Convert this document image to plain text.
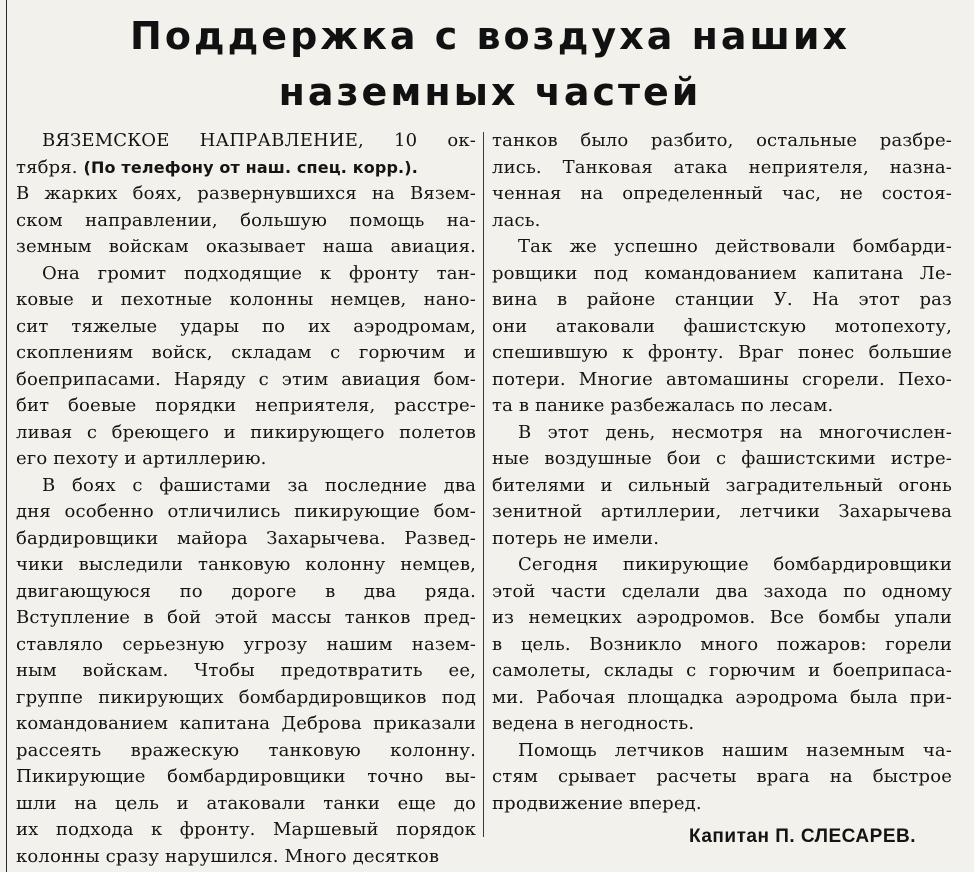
Поддержка с воздуха наших
наземных частей
ВЯЗЕМСКОЕ НАПРАВЛЕНИЕ, 10 ок-
тября. (По телефону от наш. спец. корр.).
В жарких боях, развернувшихся на Вязем-
ском направлении, большую помощь на-
земным войскам оказывает наша авиация.
Она громит подходящие к фронту тан-
ковые и пехотные колонны немцев, нано-
сит тяжелые удары по их аэродромам,
скоплениям войск, складам с горючим и
боеприпасами. Наряду с этим авиация бом-
бит боевые порядки неприятеля, расстре-
ливая с бреющего и пикирующего полетов
его пехоту и артиллерию.
В боях с фашистами за последние два
дня особенно отличились пикирующие бом-
бардировщики майора Захарычева. Развед-
чики выследили танковую колонну немцев,
двигающуюся по дороге в два ряда.
Вступление в бой этой массы танков пред-
ставляло серьезную угрозу нашим назем-
ным войскам. Чтобы предотвратить ее,
группе пикирующих бомбардировщиков под
командованием капитана Деброва приказали
рассеять вражескую танковую колонну.
Пикирующие бомбардировщики точно вы-
шли на цель и атаковали танки еще до
их подхода к фронту. Маршевый порядок
колонны сразу нарушился. Много десятков
танков было разбито, остальные разбре-
лись. Танковая атака неприятеля, назна-
ченная на определенный час, не состоя-
лась.
Так же успешно действовали бомбарди-
ровщики под командованием капитана Ле-
вина в районе станции У. На этот раз
они атаковали фашистскую мотопехоту,
спешившую к фронту. Враг понес большие
потери. Многие автомашины сгорели. Пехо-
та в панике разбежалась по лесам.
В этот день, несмотря на многочислен-
ные воздушные бои с фашистскими истре-
бителями и сильный заградительный огонь
зенитной артиллерии, летчики Захарычева
потерь не имели.
Сегодня пикирующие бомбардировщики
этой части сделали два захода по одному
из немецких аэродромов. Все бомбы упали
в цель. Возникло много пожаров: горели
самолеты, склады с горючим и боеприпаса-
ми. Рабочая площадка аэродрома была при-
ведена в негодность.
Помощь летчиков нашим наземным ча-
стям срывает расчеты врага на быстрое
продвижение вперед.
Капитан П. СЛЕСАРЕВ.
